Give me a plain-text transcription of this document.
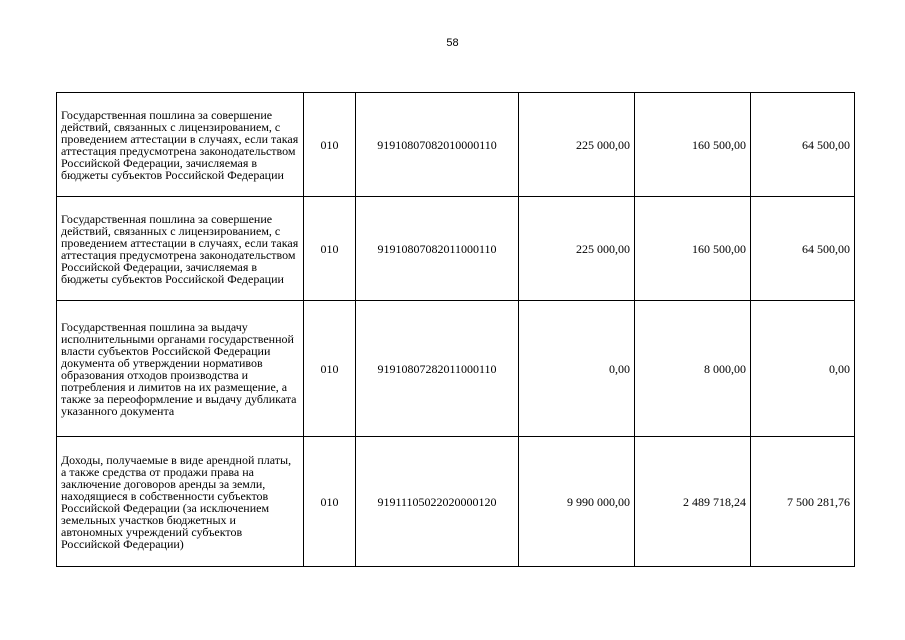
58
Государственная пошлина за совершение действий, связанных с лицензированием, с проведением аттестации в случаях, если такая аттестация предусмотрена законодательством Российской Федерации, зачисляемая в бюджеты субъектов Российской Федерации	010	91910807082010000110	225 000,00	160 500,00	64 500,00
Государственная пошлина за совершение действий, связанных с лицензированием, с проведением аттестации в случаях, если такая аттестация предусмотрена законодательством Российской Федерации, зачисляемая в бюджеты субъектов Российской Федерации	010	91910807082011000110	225 000,00	160 500,00	64 500,00
Государственная пошлина за выдачу исполнительными органами государственной власти субъектов Российской Федерации документа об утверждении нормативов образования отходов производства и потребления и лимитов на их размещение, а также за переоформление и выдачу дубликата указанного документа	010	91910807282011000110	0,00	8 000,00	0,00
Доходы, получаемые в виде арендной платы, а также средства от продажи права на заключение договоров аренды за земли, находящиеся в собственности субъектов Российской Федерации (за исключением земельных участков бюджетных и автономных учреждений субъектов Российской Федерации)	010	91911105022020000120	9 990 000,00	2 489 718,24	7 500 281,76
